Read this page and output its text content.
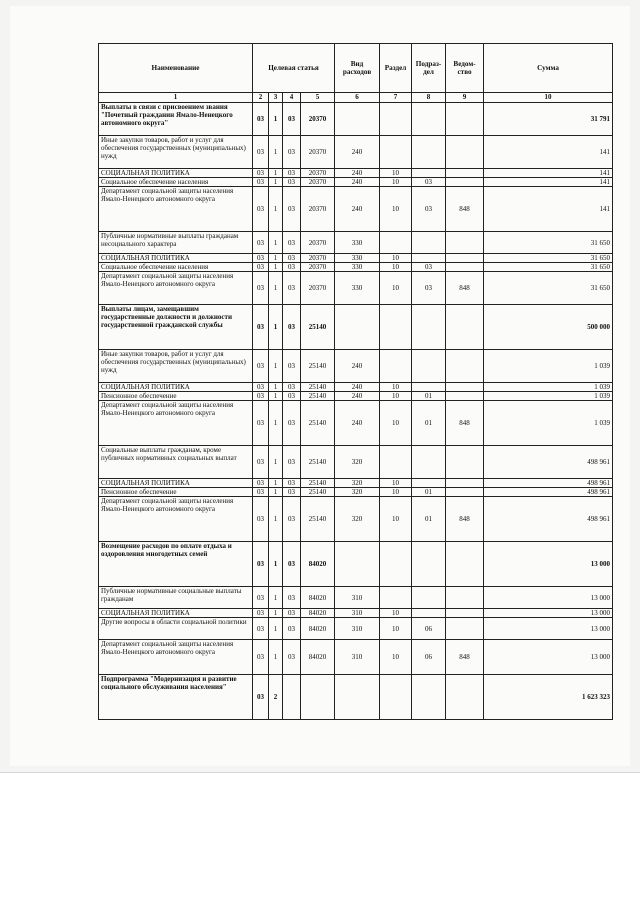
Наименование	Целевая статья				Вид расходов	Раздел	Подраз-дел	Ведом-ство	Сумма
1	2	3	4	5	6	7	8	9	10
Выплаты в связи с присвоением звания "Почетный гражданин Ямало-Ненецкого автономного округа"	03	1	03	20370					31 791
Иные закупки товаров, работ и услуг для обеспечения государственных (муниципальных) нужд	03	1	03	20370	240				141
СОЦИАЛЬНАЯ ПОЛИТИКА	03	1	03	20370	240	10			141
Социальное обеспечение населения	03	1	03	20370	240	10	03		141
Департамент социальной защиты населения Ямало-Ненецкого автономного округа	03	1	03	20370	240	10	03	848	141
Публичные нормативные выплаты гражданам несоциального характера	03	1	03	20370	330				31 650
СОЦИАЛЬНАЯ ПОЛИТИКА	03	1	03	20370	330	10			31 650
Социальное обеспечение населения	03	1	03	20370	330	10	03		31 650
Департамент социальной защиты населения Ямало-Ненецкого автономного округа	03	1	03	20370	330	10	03	848	31 650
Выплаты лицам, замещавшим государственные должности и должности государственной гражданской службы	03	1	03	25140					500 000
Иные закупки товаров, работ и услуг для обеспечения государственных (муниципальных) нужд	03	1	03	25140	240				1 039
СОЦИАЛЬНАЯ ПОЛИТИКА	03	1	03	25140	240	10			1 039
Пенсионное обеспечение	03	1	03	25140	240	10	01		1 039
Департамент социальной защиты населения Ямало-Ненецкого автономного округа	03	1	03	25140	240	10	01	848	1 039
Социальные выплаты гражданам, кроме публичных нормативных социальных выплат	03	1	03	25140	320				498 961
СОЦИАЛЬНАЯ ПОЛИТИКА	03	1	03	25140	320	10			498 961
Пенсионное обеспечение	03	1	03	25140	320	10	01		498 961
Департамент социальной защиты населения Ямало-Ненецкого автономного округа	03	1	03	25140	320	10	01	848	498 961
Возмещение расходов по оплате отдыха и оздоровления многодетных семей	03	1	03	84020					13 000
Публичные нормативные социальные выплаты гражданам	03	1	03	84020	310				13 000
СОЦИАЛЬНАЯ ПОЛИТИКА	03	1	03	84020	310	10			13 000
Другие вопросы в области социальной политики	03	1	03	84020	310	10	06		13 000
Департамент социальной защиты населения Ямало-Ненецкого автономного округа	03	1	03	84020	310	10	06	848	13 000
Подпрограмма "Модернизация и развитие социального обслуживания населения"	03	2							1 623 323
